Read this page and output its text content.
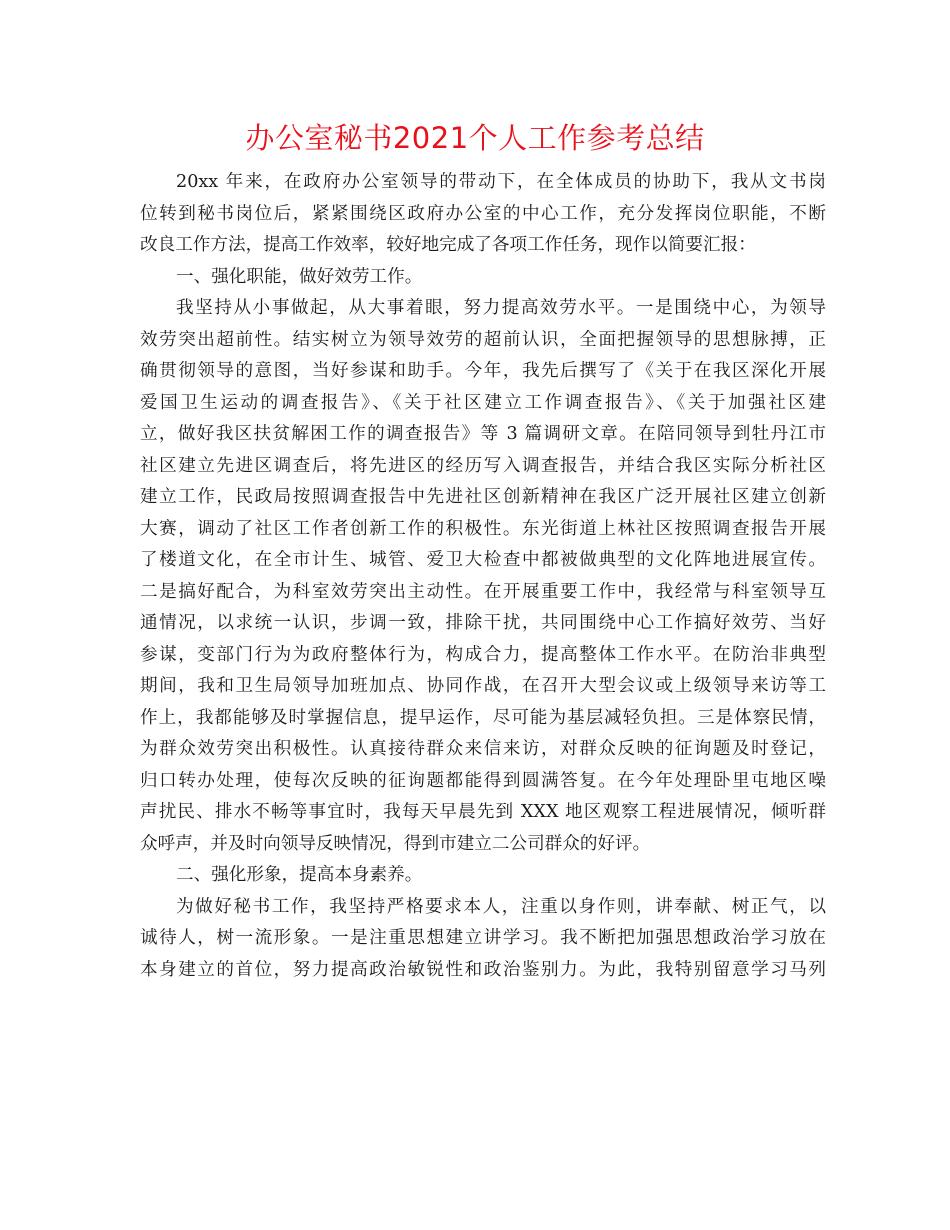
办公室秘书2021个人工作参考总结
20xx 年来，在政府办公室领导的带动下，在全体成员的协助下，我从文书岗
位转到秘书岗位后，紧紧围绕区政府办公室的中心工作，充分发挥岗位职能，不断
改良工作方法，提高工作效率，较好地完成了各项工作任务，现作以简要汇报：
一、强化职能，做好效劳工作。
我坚持从小事做起，从大事着眼，努力提高效劳水平。一是围绕中心，为领导
效劳突出超前性。结实树立为领导效劳的超前认识，全面把握领导的思想脉搏，正
确贯彻领导的意图，当好参谋和助手。今年，我先后撰写了《关于在我区深化开展
爱国卫生运动的调查报告》、《关于社区建立工作调查报告》、《关于加强社区建
立，做好我区扶贫解困工作的调查报告》等 3 篇调研文章。在陪同领导到牡丹江市
社区建立先进区调查后，将先进区的经历写入调查报告，并结合我区实际分析社区
建立工作，民政局按照调查报告中先进社区创新精神在我区广泛开展社区建立创新
大赛，调动了社区工作者创新工作的积极性。东光街道上林社区按照调查报告开展
了楼道文化，在全市计生、城管、爱卫大检查中都被做典型的文化阵地进展宣传。
二是搞好配合，为科室效劳突出主动性。在开展重要工作中，我经常与科室领导互
通情况，以求统一认识，步调一致，排除干扰，共同围绕中心工作搞好效劳、当好
参谋，变部门行为为政府整体行为，构成合力，提高整体工作水平。在防治非典型
期间，我和卫生局领导加班加点、协同作战，在召开大型会议或上级领导来访等工
作上，我都能够及时掌握信息，提早运作，尽可能为基层减轻负担。三是体察民情，
为群众效劳突出积极性。认真接待群众来信来访，对群众反映的征询题及时登记，
归口转办处理，使每次反映的征询题都能得到圆满答复。在今年处理卧里屯地区噪
声扰民、排水不畅等事宜时，我每天早晨先到 XXX 地区观察工程进展情况，倾听群
众呼声，并及时向领导反映情况，得到市建立二公司群众的好评。
二、强化形象，提高本身素养。
为做好秘书工作，我坚持严格要求本人，注重以身作则，讲奉献、树正气，以
诚待人，树一流形象。一是注重思想建立讲学习。我不断把加强思想政治学习放在
本身建立的首位，努力提高政治敏锐性和政治鉴别力。为此，我特别留意学习马列
